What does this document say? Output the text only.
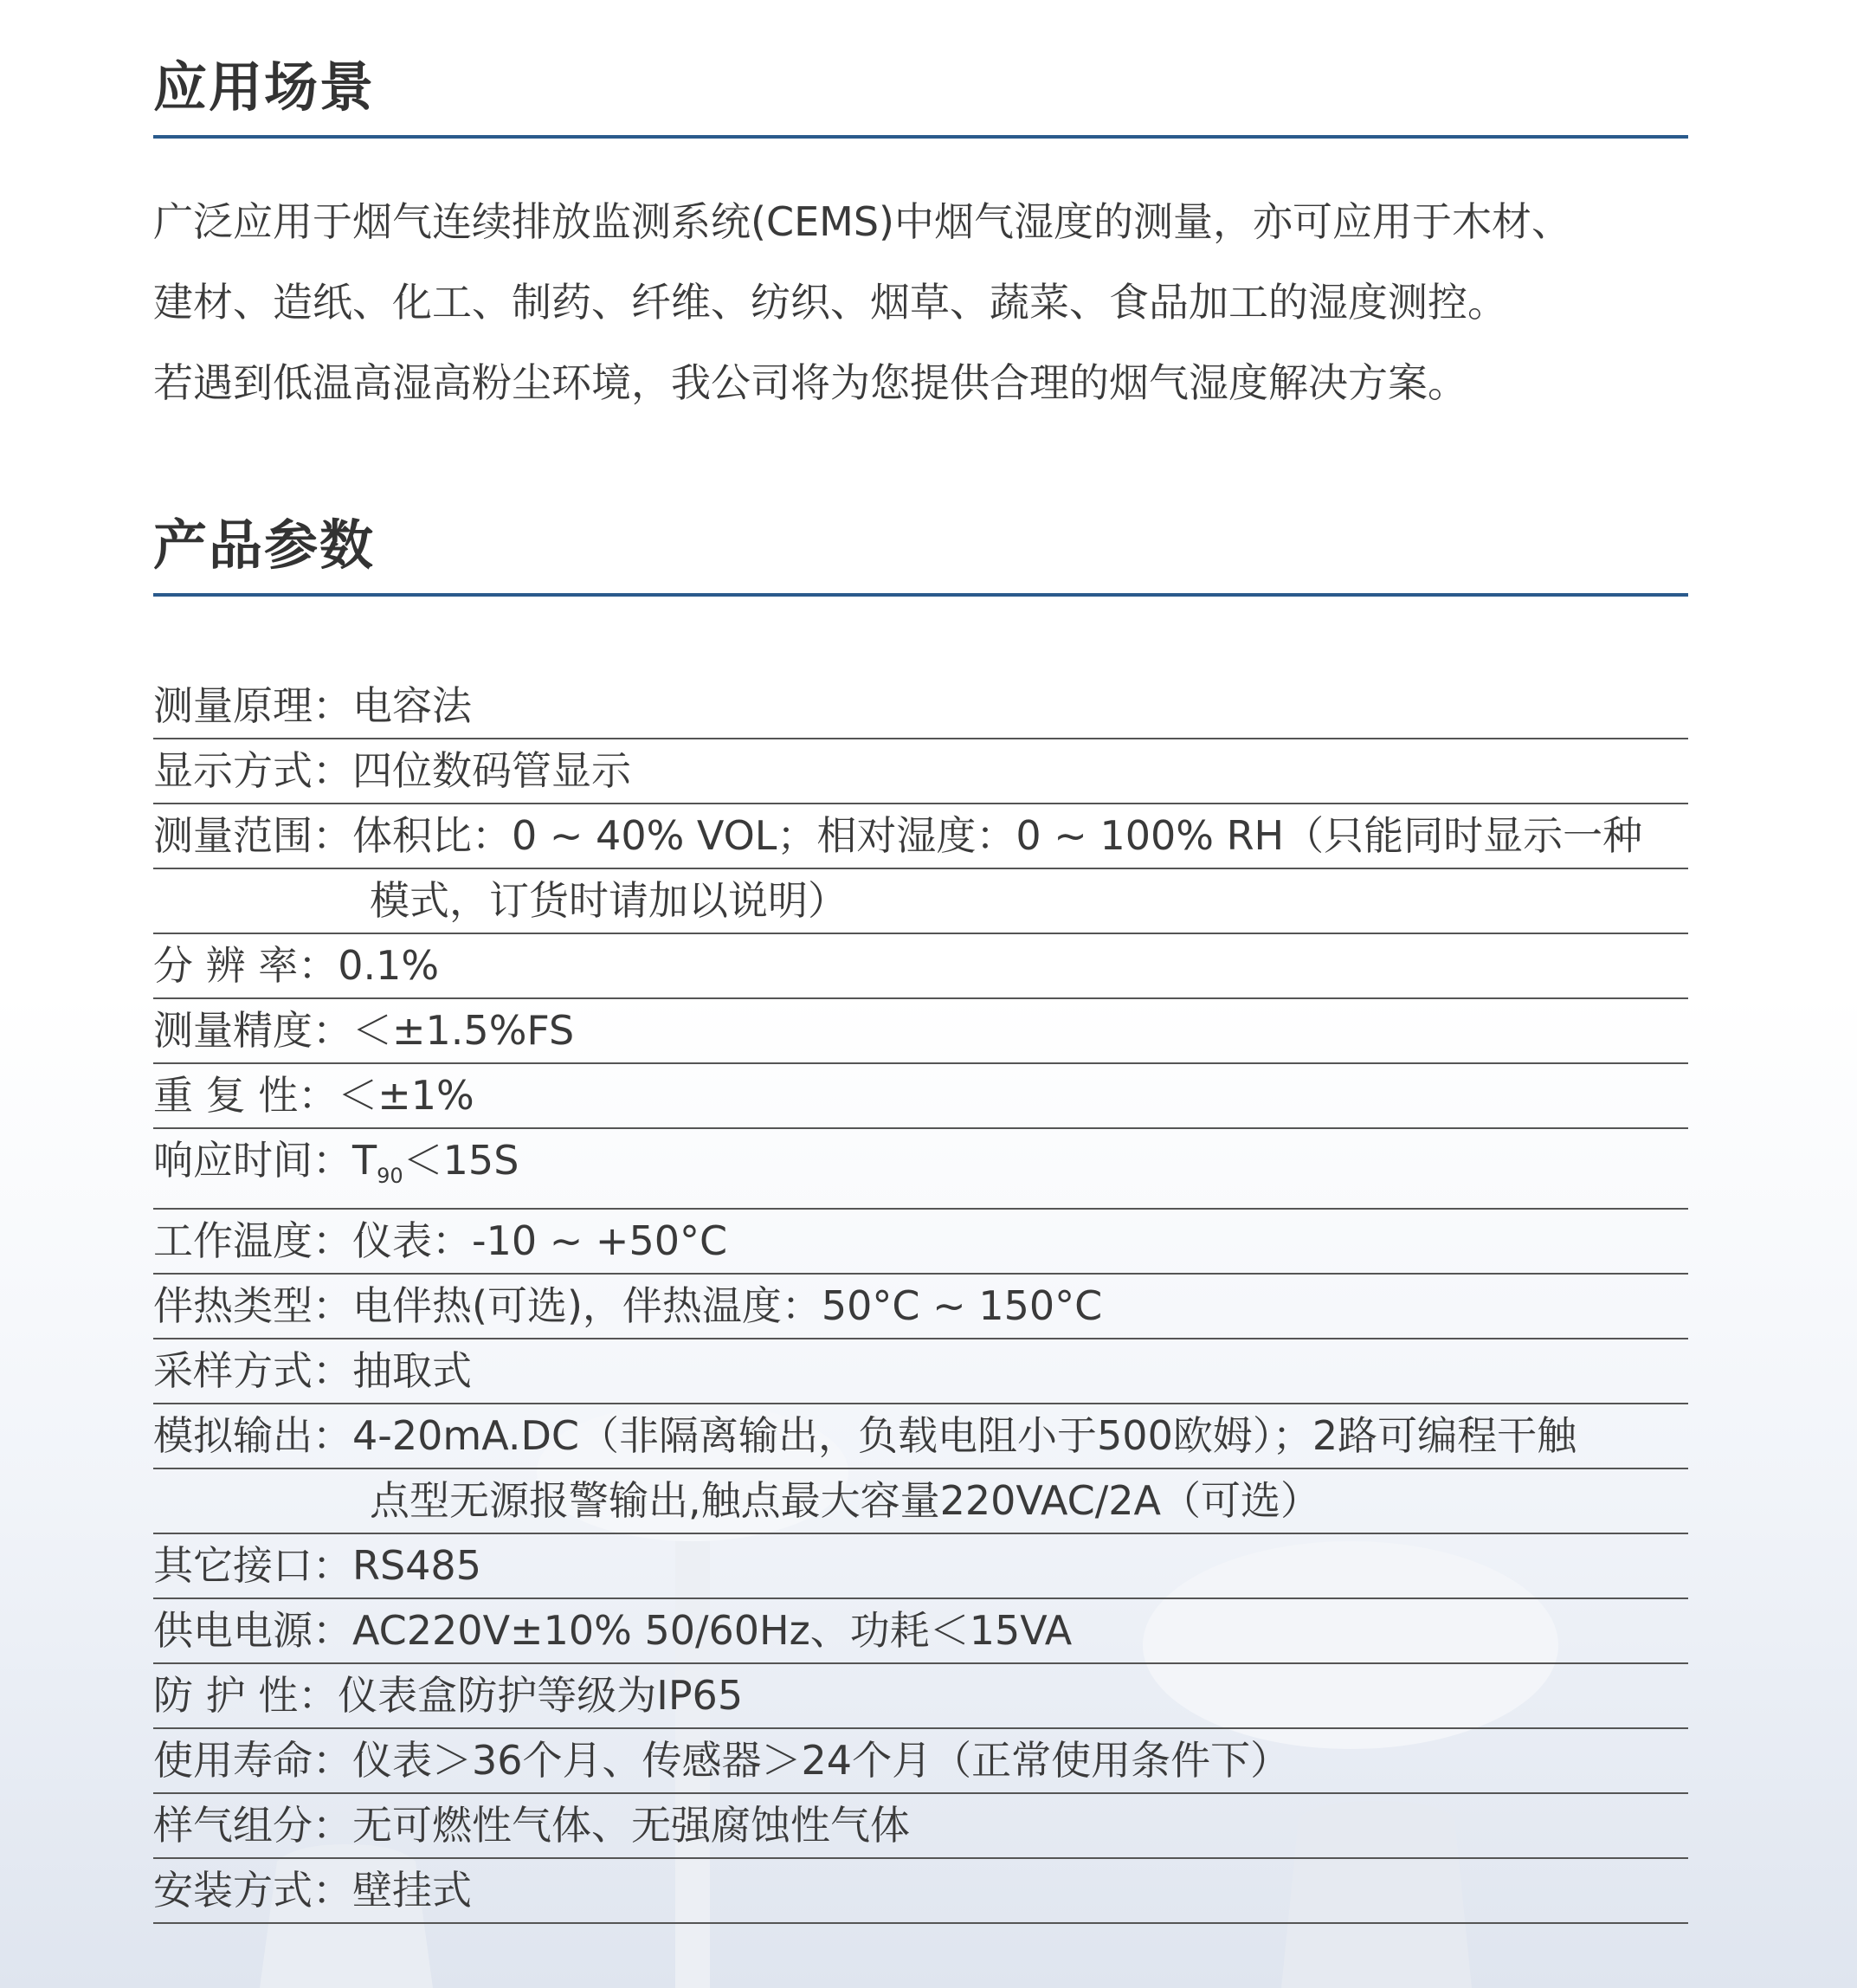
应用场景

广泛应用于烟气连续排放监测系统(CEMS)中烟气湿度的测量，亦可应用于木材、

建材、造纸、化工、制药、纤维、纺织、烟草、蔬菜、食品加工的湿度测控。

若遇到低温高湿高粉尘环境，我公司将为您提供合理的烟气湿度解决方案。

产品参数
测量原理： 电容法
显示方式： 四位数码管显示
测量范围： 体积比：0 ~ 40% VOL；相对湿度：0 ~ 100% RH（只能同时显示一种
模式，订货时请加以说明）
分 辨 率： 0.1%
测量精度： ＜±1.5%FS
重 复 性： ＜±1%
响应时间： $T_{90}<15S$
工作温度： 仪表：-10 ~ +50°C
伴热类型： 电伴热(可选)，伴热温度：50°C ~ 150°C
采样方式： 抽取式
模拟输出： 4-20mA.DC（非隔离输出，负载电阻小于500欧姆）；2路可编程干触
点型无源报警输出,触点最大容量220VAC/2A（可选）
其它接口： RS485
供电电源： AC220V±10% 50/60Hz、功耗＜15VA
防 护 性： 仪表盒防护等级为IP65
使用寿命： 仪表＞36个月、传感器＞24个月（正常使用条件下）
样气组分： 无可燃性气体、无强腐蚀性气体
安装方式： 壁挂式
